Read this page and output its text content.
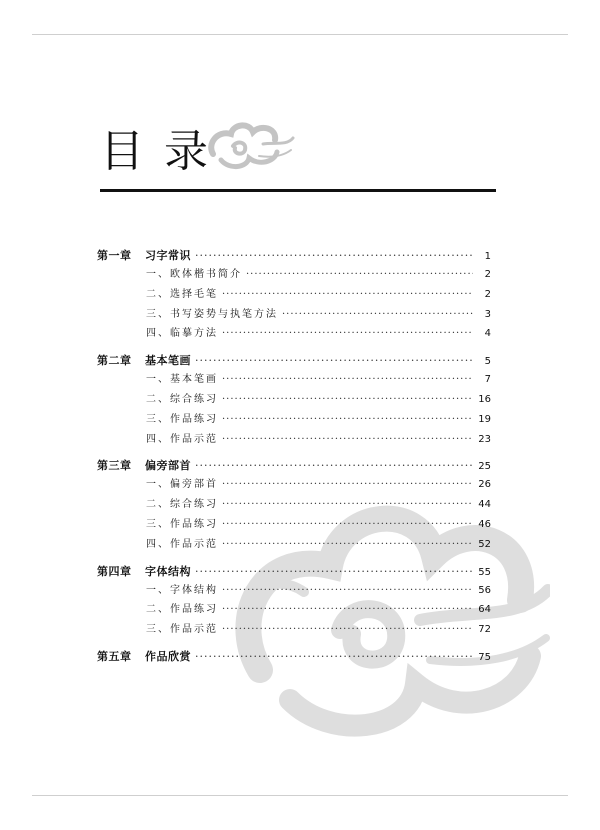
目录
第一章	习字常识 ·····	1
一、欧体楷书简介 ·····	2
二、选择毛笔 ·····	2
三、书写姿势与执笔方法 ·····	3
四、临摹方法 ·····	4
第二章	基本笔画 ·····	5
一、基本笔画 ·····	7
二、综合练习 ·····	16
三、作品练习 ·····	19
四、作品示范 ·····	23
第三章	偏旁部首 ·····	25
一、偏旁部首 ·····	26
二、综合练习 ·····	44
三、作品练习 ·····	46
四、作品示范 ·····	52
第四章	字体结构 ·····	55
一、字体结构 ·····	56
二、作品练习 ·····	64
三、作品示范 ·····	72
第五章	作品欣赏 ·····	75
